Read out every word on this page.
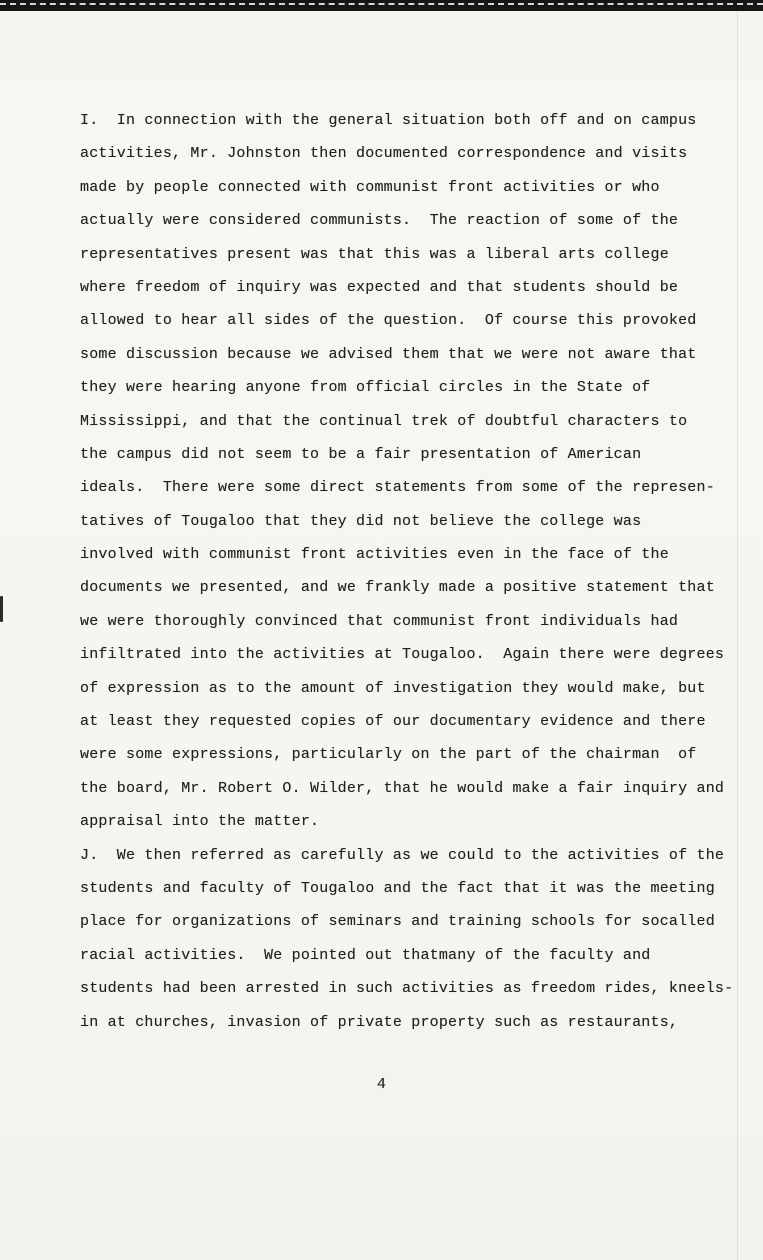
I.  In connection with the general situation both off and on campus
activities, Mr. Johnston then documented correspondence and visits
made by people connected with communist front activities or who
actually were considered communists.  The reaction of some of the
representatives present was that this was a liberal arts college
where freedom of inquiry was expected and that students should be
allowed to hear all sides of the question.  Of course this provoked
some discussion because we advised them that we were not aware that
they were hearing anyone from official circles in the State of
Mississippi, and that the continual trek of doubtful characters to
the campus did not seem to be a fair presentation of American
ideals.  There were some direct statements from some of the represen-
tatives of Tougaloo that they did not believe the college was
involved with communist front activities even in the face of the
documents we presented, and we frankly made a positive statement that
we were thoroughly convinced that communist front individuals had
infiltrated into the activities at Tougaloo.  Again there were degrees
of expression as to the amount of investigation they would make, but
at least they requested copies of our documentary evidence and there
were some expressions, particularly on the part of the chairman  of
the board, Mr. Robert O. Wilder, that he would make a fair inquiry and
appraisal into the matter.
J.  We then referred as carefully as we could to the activities of the
students and faculty of Tougaloo and the fact that it was the meeting
place for organizations of seminars and training schools for socalled
racial activities.  We pointed out thatmany of the faculty and
students had been arrested in such activities as freedom rides, kneels-
in at churches, invasion of private property such as restaurants,
4
